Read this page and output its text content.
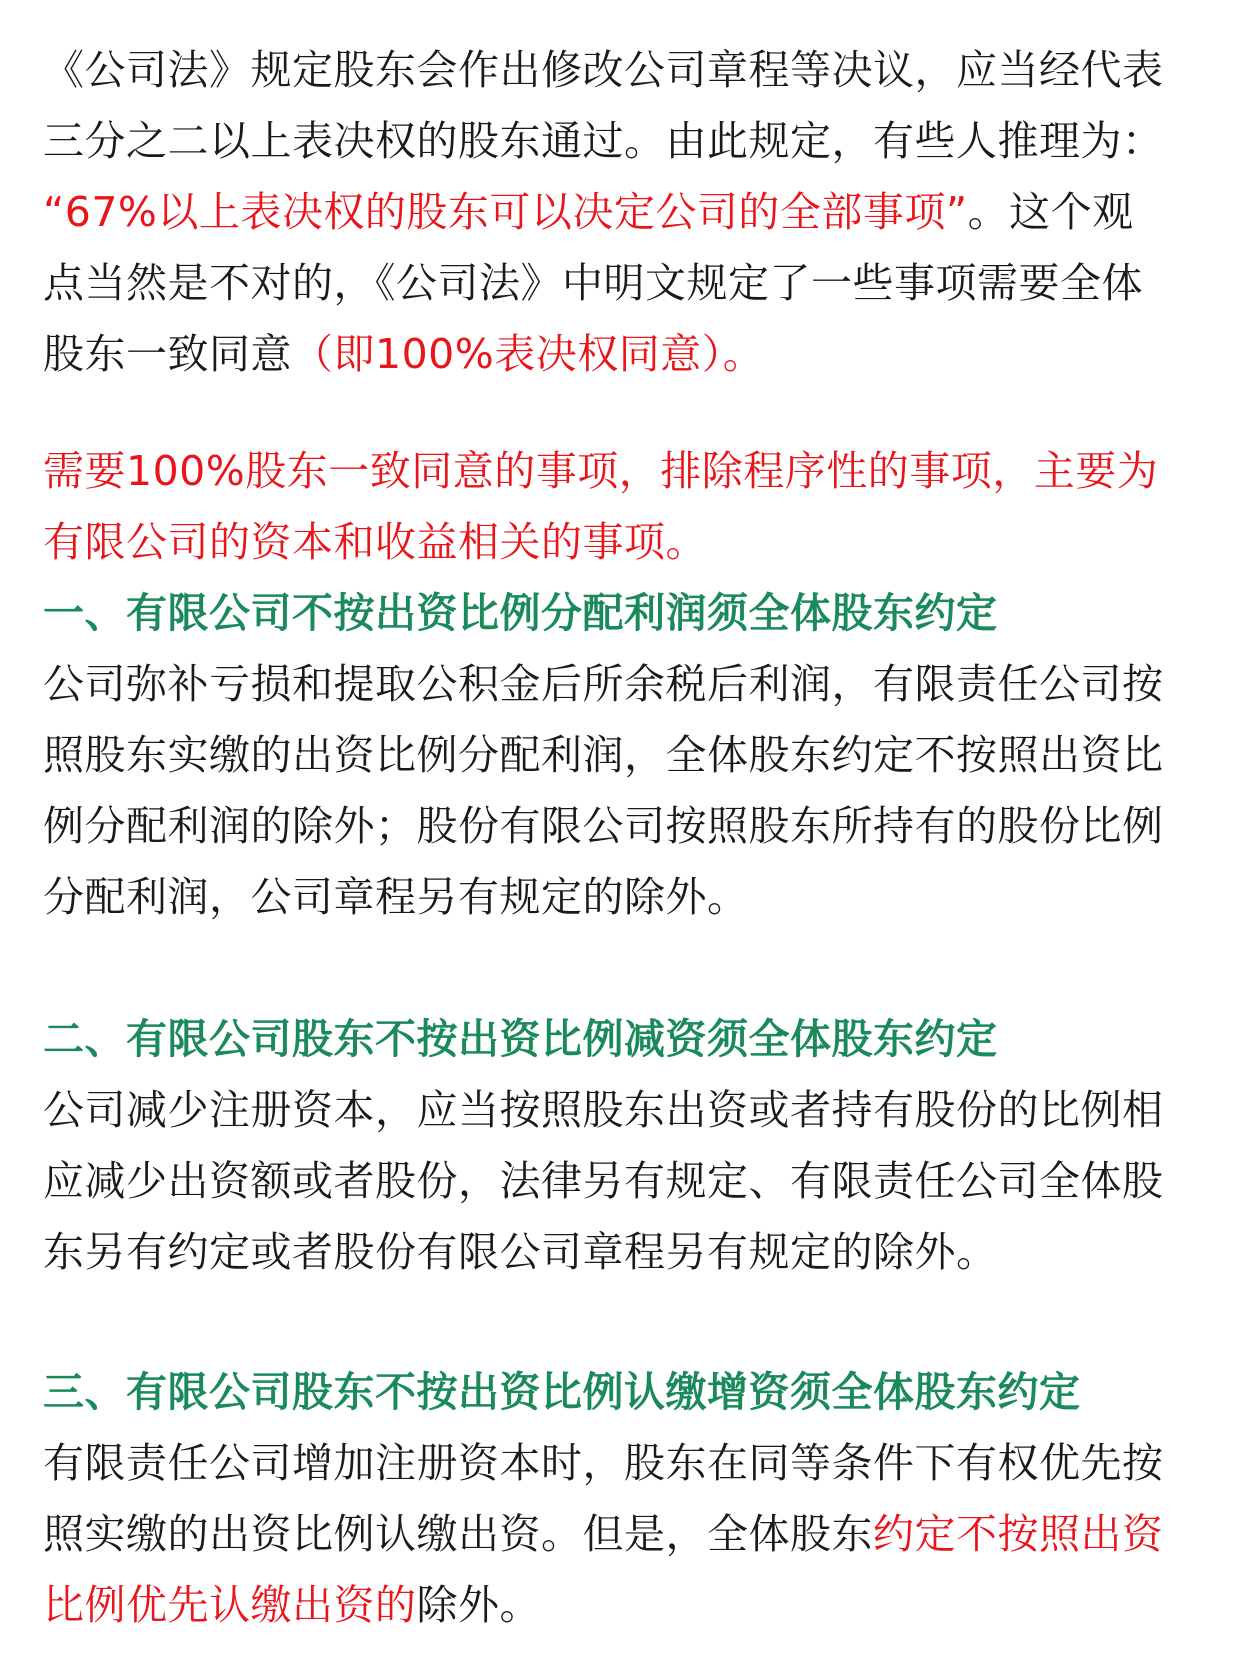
《公司法》规定股东会作出修改公司章程等决议，应当经代表
三分之二以上表决权的股东通过。由此规定，有些人推理为：
“67%以上表决权的股东可以决定公司的全部事项”。这个观
点当然是不对的，《公司法》中明文规定了一些事项需要全体
股东一致同意（即100%表决权同意）。
需要100%股东一致同意的事项，排除程序性的事项，主要为
有限公司的资本和收益相关的事项。
一、有限公司不按出资比例分配利润须全体股东约定
公司弥补亏损和提取公积金后所余税后利润，有限责任公司按
照股东实缴的出资比例分配利润，全体股东约定不按照出资比
例分配利润的除外；股份有限公司按照股东所持有的股份比例
分配利润，公司章程另有规定的除外。
二、有限公司股东不按出资比例减资须全体股东约定
公司减少注册资本，应当按照股东出资或者持有股份的比例相
应减少出资额或者股份，法律另有规定、有限责任公司全体股
东另有约定或者股份有限公司章程另有规定的除外。
三、有限公司股东不按出资比例认缴增资须全体股东约定
有限责任公司增加注册资本时，股东在同等条件下有权优先按
照实缴的出资比例认缴出资。但是，全体股东约定不按照出资
比例优先认缴出资的除外。
